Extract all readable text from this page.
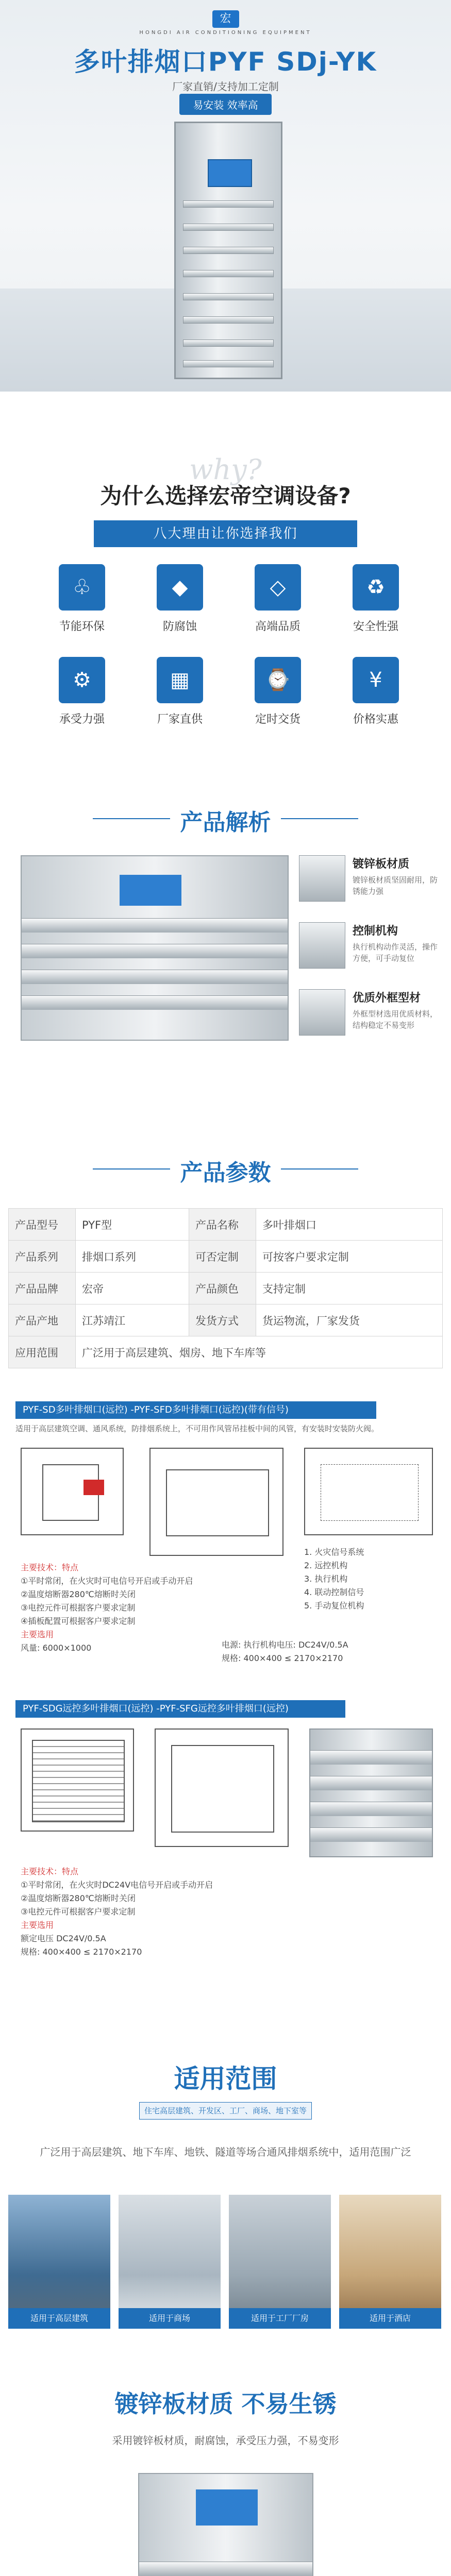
宏
HONGDI AIR CONDITIONING EQUIPMENT
多叶排烟口PYF SDj-YK
厂家直销/支持加工定制
易安装 效率高
why?
为什么选择宏帝空调设备?
八大理由让你选择我们
♧
节能环保
◆
防腐蚀
◇
高端品质
♻
安全性强
⚙
承受力强
▦
厂家直供
⌚
定时交货
¥
价格实惠
产品解析
镀锌板材质
镀锌板材质坚固耐用，防锈能力强
控制机构
执行机构动作灵活，操作方便，可手动复位
优质外框型材
外框型材选用优质材料，结构稳定不易变形
产品参数
产品型号	PYF型	产品名称	多叶排烟口
产品系列	排烟口系列	可否定制	可按客户要求定制
产品品牌	宏帝	产品颜色	支持定制
产品产地	江苏靖江	发货方式	货运物流，厂家发货
应用范围	广泛用于高层建筑、烟房、地下车库等		
PYF-SD多叶排烟口(远控) -PYF-SFD多叶排烟口(远控)(带有信号)
适用于高层建筑空调、通风系统，防排烟系统上，不可用作风管吊挂板中间的风管，有安装时安装防火阀。
主要技术：特点
①平时常闭，在火灾时可电信号开启或手动开启
②温度熔断器280℃熔断时关闭
③电控元件可根据客户要求定制
④插板配置可根据客户要求定制
主要选用
风量: 6000×1000
1. 火灾信号系统
2. 远控机构
3. 执行机构
4. 联动控制信号
5. 手动复位机构
电源: 执行机构电压: DC24V/0.5A
规格: 400×400 ≤ 2170×2170
PYF-SDG远控多叶排烟口(远控) -PYF-SFG远控多叶排烟口(远控)
主要技术：特点
①平时常闭，在火灾时DC24V电信号开启或手动开启
②温度熔断器280℃熔断时关闭
③电控元件可根据客户要求定制
主要选用
额定电压 DC24V/0.5A
规格: 400×400 ≤ 2170×2170
适用范围
住宅高层建筑、开发区、工厂、商场、地下室等
广泛用于高层建筑、地下车库、地铁、隧道等场合通风排烟系统中，适用范围广泛
适用于高层建筑	适用于商场	适用于工厂厂房	适用于酒店
镀锌板材质 不易生锈
采用镀锌板材质，耐腐蚀，承受压力强，不易变形
